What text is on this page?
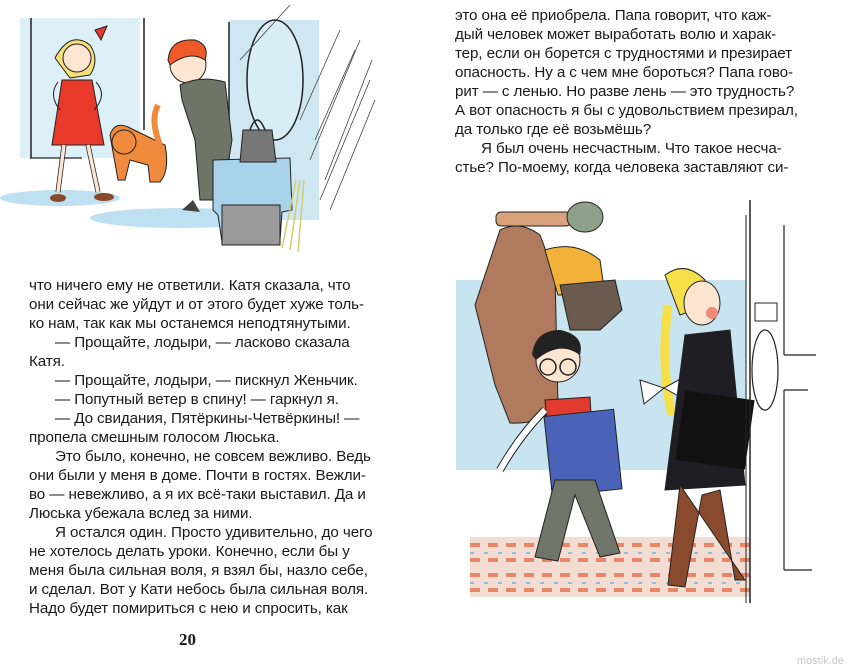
что ничего ему не ответили. Катя сказала, что
они сейчас же уйдут и от этого будет хуже толь-
ко нам, так как мы останемся неподтянутыми.
— Прощайте, лодыри, — ласково сказала
Катя.
— Прощайте, лодыри, — пискнул Женьчик.
— Попутный ветер в спину! — гаркнул я.
— До свидания, Пятёркины-Четвёркины! —
пропела смешным голосом Люська.
Это было, конечно, не совсем вежливо. Ведь
они были у меня в доме. Почти в гостях. Вежли-
во — невежливо, а я их всё-таки выставил. Да и
Люська убежала вслед за ними.
Я остался один. Просто удивительно, до чего
не хотелось делать уроки. Конечно, если бы у
меня была сильная воля, я взял бы, назло себе,
и сделал. Вот у Кати небось была сильная воля.
Надо будет помириться с нею и спросить, как
20
это она её приобрела. Папа говорит, что каж-
дый человек может выработать волю и харак-
тер, если он борется с трудностями и презирает
опасность. Ну а с чем мне бороться? Папа гово-
рит — с ленью. Но разве лень — это трудность?
А вот опасность я бы с удовольствием презирал,
да только где её возьмёшь?
Я был очень несчастным. Что такое несча-
стье? По-моему, когда человека заставляют си-
mostik.de
